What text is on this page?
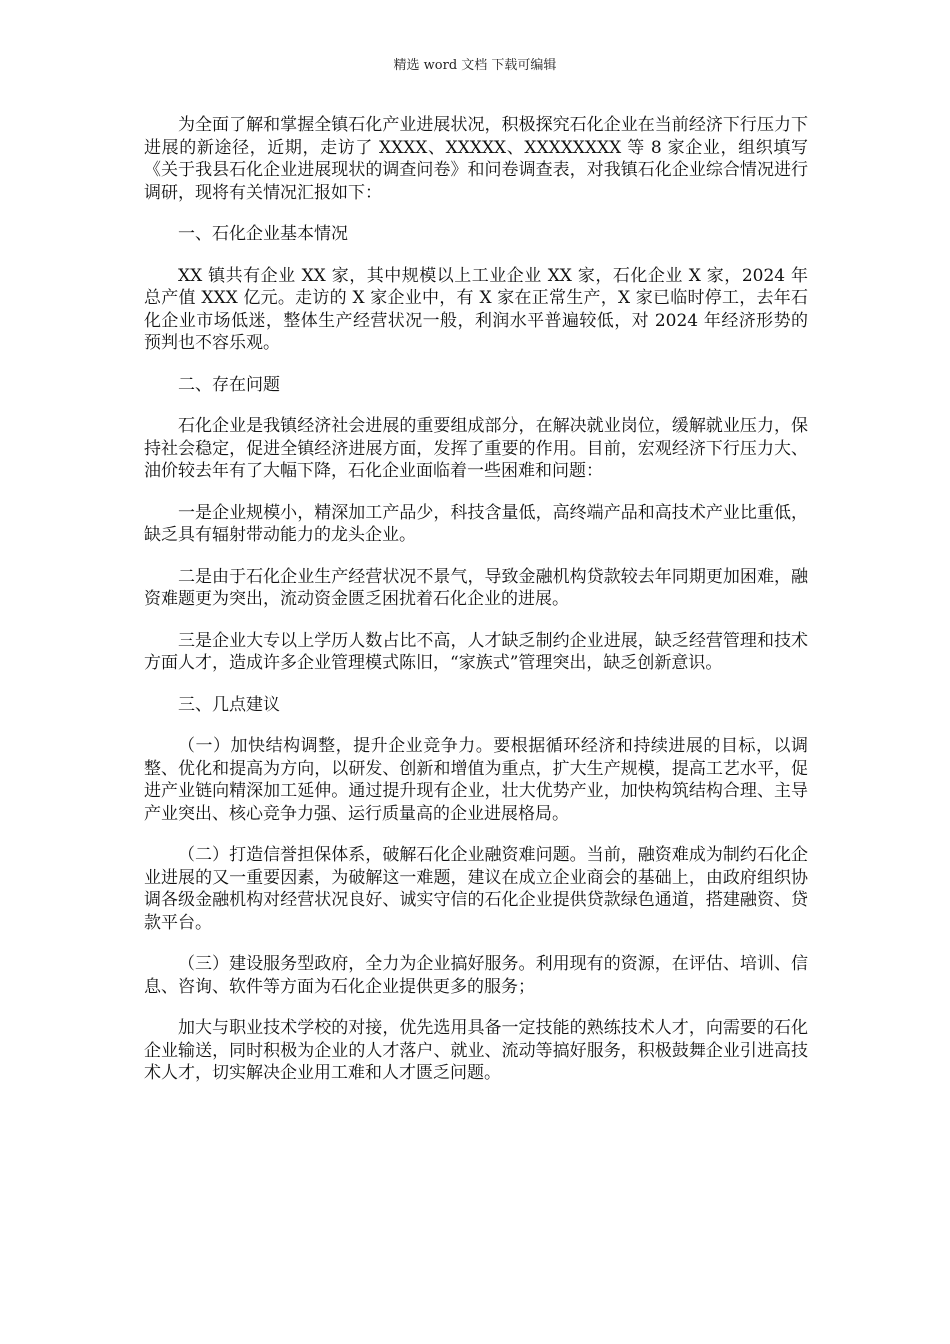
精选 word 文档 下载可编辑

为全面了解和掌握全镇石化产业进展状况，积极探究石化企业在当前经济下行压力下进展的新途径，近期，走访了 XXXX、XXXXX、XXXXXXXX 等 8 家企业，组织填写《关于我县石化企业进展现状的调查问卷》和问卷调查表，对我镇石化企业综合情况进行调研，现将有关情况汇报如下：

一、石化企业基本情况

XX 镇共有企业 XX 家，其中规模以上工业企业 XX 家，石化企业 X 家，2024 年总产值 XXX 亿元。走访的 X 家企业中，有 X 家在正常生产，X 家已临时停工，去年石化企业市场低迷，整体生产经营状况一般，利润水平普遍较低，对 2024 年经济形势的预判也不容乐观。

二、存在问题

石化企业是我镇经济社会进展的重要组成部分，在解决就业岗位，缓解就业压力，保持社会稳定，促进全镇经济进展方面，发挥了重要的作用。目前，宏观经济下行压力大、油价较去年有了大幅下降，石化企业面临着一些困难和问题：

一是企业规模小，精深加工产品少，科技含量低，高终端产品和高技术产业比重低，缺乏具有辐射带动能力的龙头企业。

二是由于石化企业生产经营状况不景气，导致金融机构贷款较去年同期更加困难，融资难题更为突出，流动资金匮乏困扰着石化企业的进展。

三是企业大专以上学历人数占比不高，人才缺乏制约企业进展，缺乏经营管理和技术方面人才，造成许多企业管理模式陈旧，“家族式”管理突出，缺乏创新意识。

三、几点建议

（一）加快结构调整，提升企业竞争力。要根据循环经济和持续进展的目标，以调整、优化和提高为方向，以研发、创新和增值为重点，扩大生产规模，提高工艺水平，促进产业链向精深加工延伸。通过提升现有企业，壮大优势产业，加快构筑结构合理、主导产业突出、核心竞争力强、运行质量高的企业进展格局。

（二）打造信誉担保体系，破解石化企业融资难问题。当前，融资难成为制约石化企业进展的又一重要因素，为破解这一难题，建议在成立企业商会的基础上，由政府组织协调各级金融机构对经营状况良好、诚实守信的石化企业提供贷款绿色通道，搭建融资、贷款平台。

（三）建设服务型政府，全力为企业搞好服务。利用现有的资源，在评估、培训、信息、咨询、软件等方面为石化企业提供更多的服务；

加大与职业技术学校的对接，优先选用具备一定技能的熟练技术人才，向需要的石化企业输送，同时积极为企业的人才落户、就业、流动等搞好服务，积极鼓舞企业引进高技术人才，切实解决企业用工难和人才匮乏问题。
